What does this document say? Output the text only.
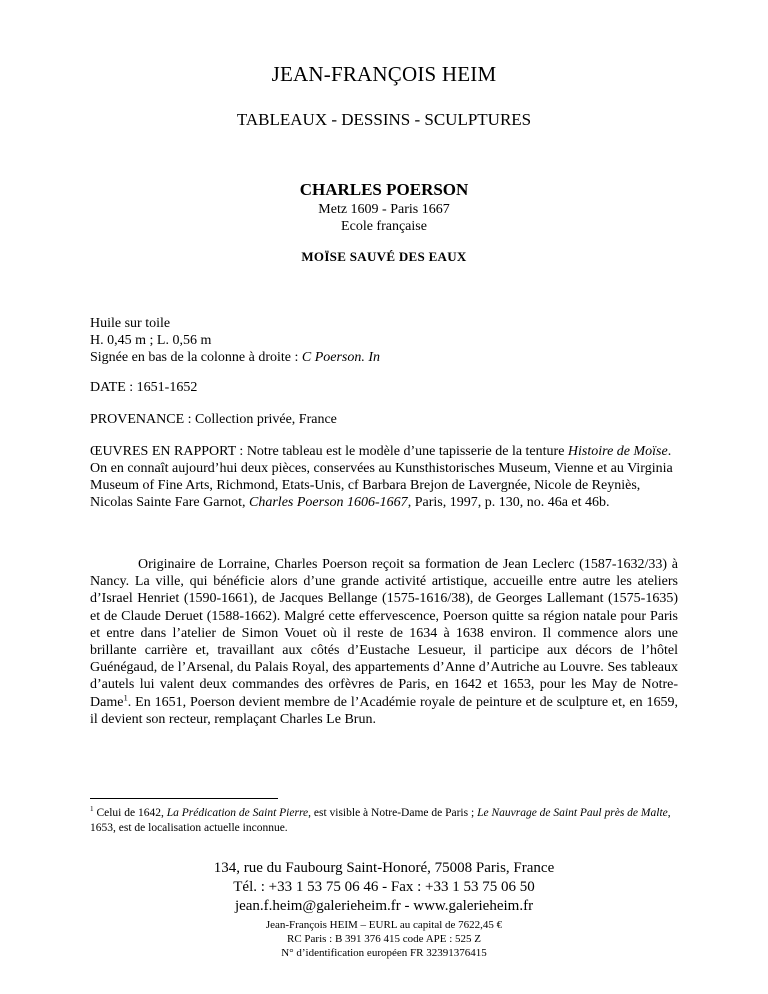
JEAN-FRANÇOIS HEIM
TABLEAUX - DESSINS - SCULPTURES
CHARLES POERSON
Metz 1609 - Paris 1667
Ecole française
MOÏSE SAUVÉ DES EAUX
Huile sur toile
H. 0,45 m ; L. 0,56 m
Signée en bas de la colonne à droite : C Poerson. In
DATE : 1651-1652
PROVENANCE : Collection privée, France
ŒUVRES EN RAPPORT : Notre tableau est le modèle d’une tapisserie de la tenture Histoire de Moïse. On en connaît aujourd’hui deux pièces, conservées au Kunsthistorisches Museum, Vienne et au Virginia Museum of Fine Arts, Richmond, Etats-Unis, cf Barbara Brejon de Lavergnée, Nicole de Reyniès, Nicolas Sainte Fare Garnot, Charles Poerson 1606-1667, Paris, 1997, p. 130, no. 46a et 46b.
Originaire de Lorraine, Charles Poerson reçoit sa formation de Jean Leclerc (1587-1632/33) à Nancy. La ville, qui bénéficie alors d’une grande activité artistique, accueille entre autre les ateliers d’Israel Henriet (1590-1661), de Jacques Bellange (1575-1616/38), de Georges Lallemant (1575-1635) et de Claude Deruet (1588-1662). Malgré cette effervescence, Poerson quitte sa région natale pour Paris et entre dans l’atelier de Simon Vouet où il reste de 1634 à 1638 environ. Il commence alors une brillante carrière et, travaillant aux côtés d’Eustache Lesueur, il participe aux décors de l’hôtel Guénégaud, de l’Arsenal, du Palais Royal, des appartements d’Anne d’Autriche au Louvre. Ses tableaux d’autels lui valent deux commandes des orfèvres de Paris, en 1642 et 1653, pour les May de Notre-Dame$^1$. En 1651, Poerson devient membre de l’Académie royale de peinture et de sculpture et, en 1659, il devient son recteur, remplaçant Charles Le Brun.
$^1$ Celui de 1642, La Prédication de Saint Pierre, est visible à Notre-Dame de Paris ; Le Nauvrage de Saint Paul près de Malte, 1653, est de localisation actuelle inconnue.
134, rue du Faubourg Saint-Honoré, 75008 Paris, France
Tél. : +33 1 53 75 06 46 - Fax : +33 1 53 75 06 50
jean.f.heim@galerieheim.fr - www.galerieheim.fr
Jean-François HEIM – EURL au capital de 7622,45 €
RC Paris : B 391 376 415 code APE : 525 Z
N° d’identification européen FR 32391376415
